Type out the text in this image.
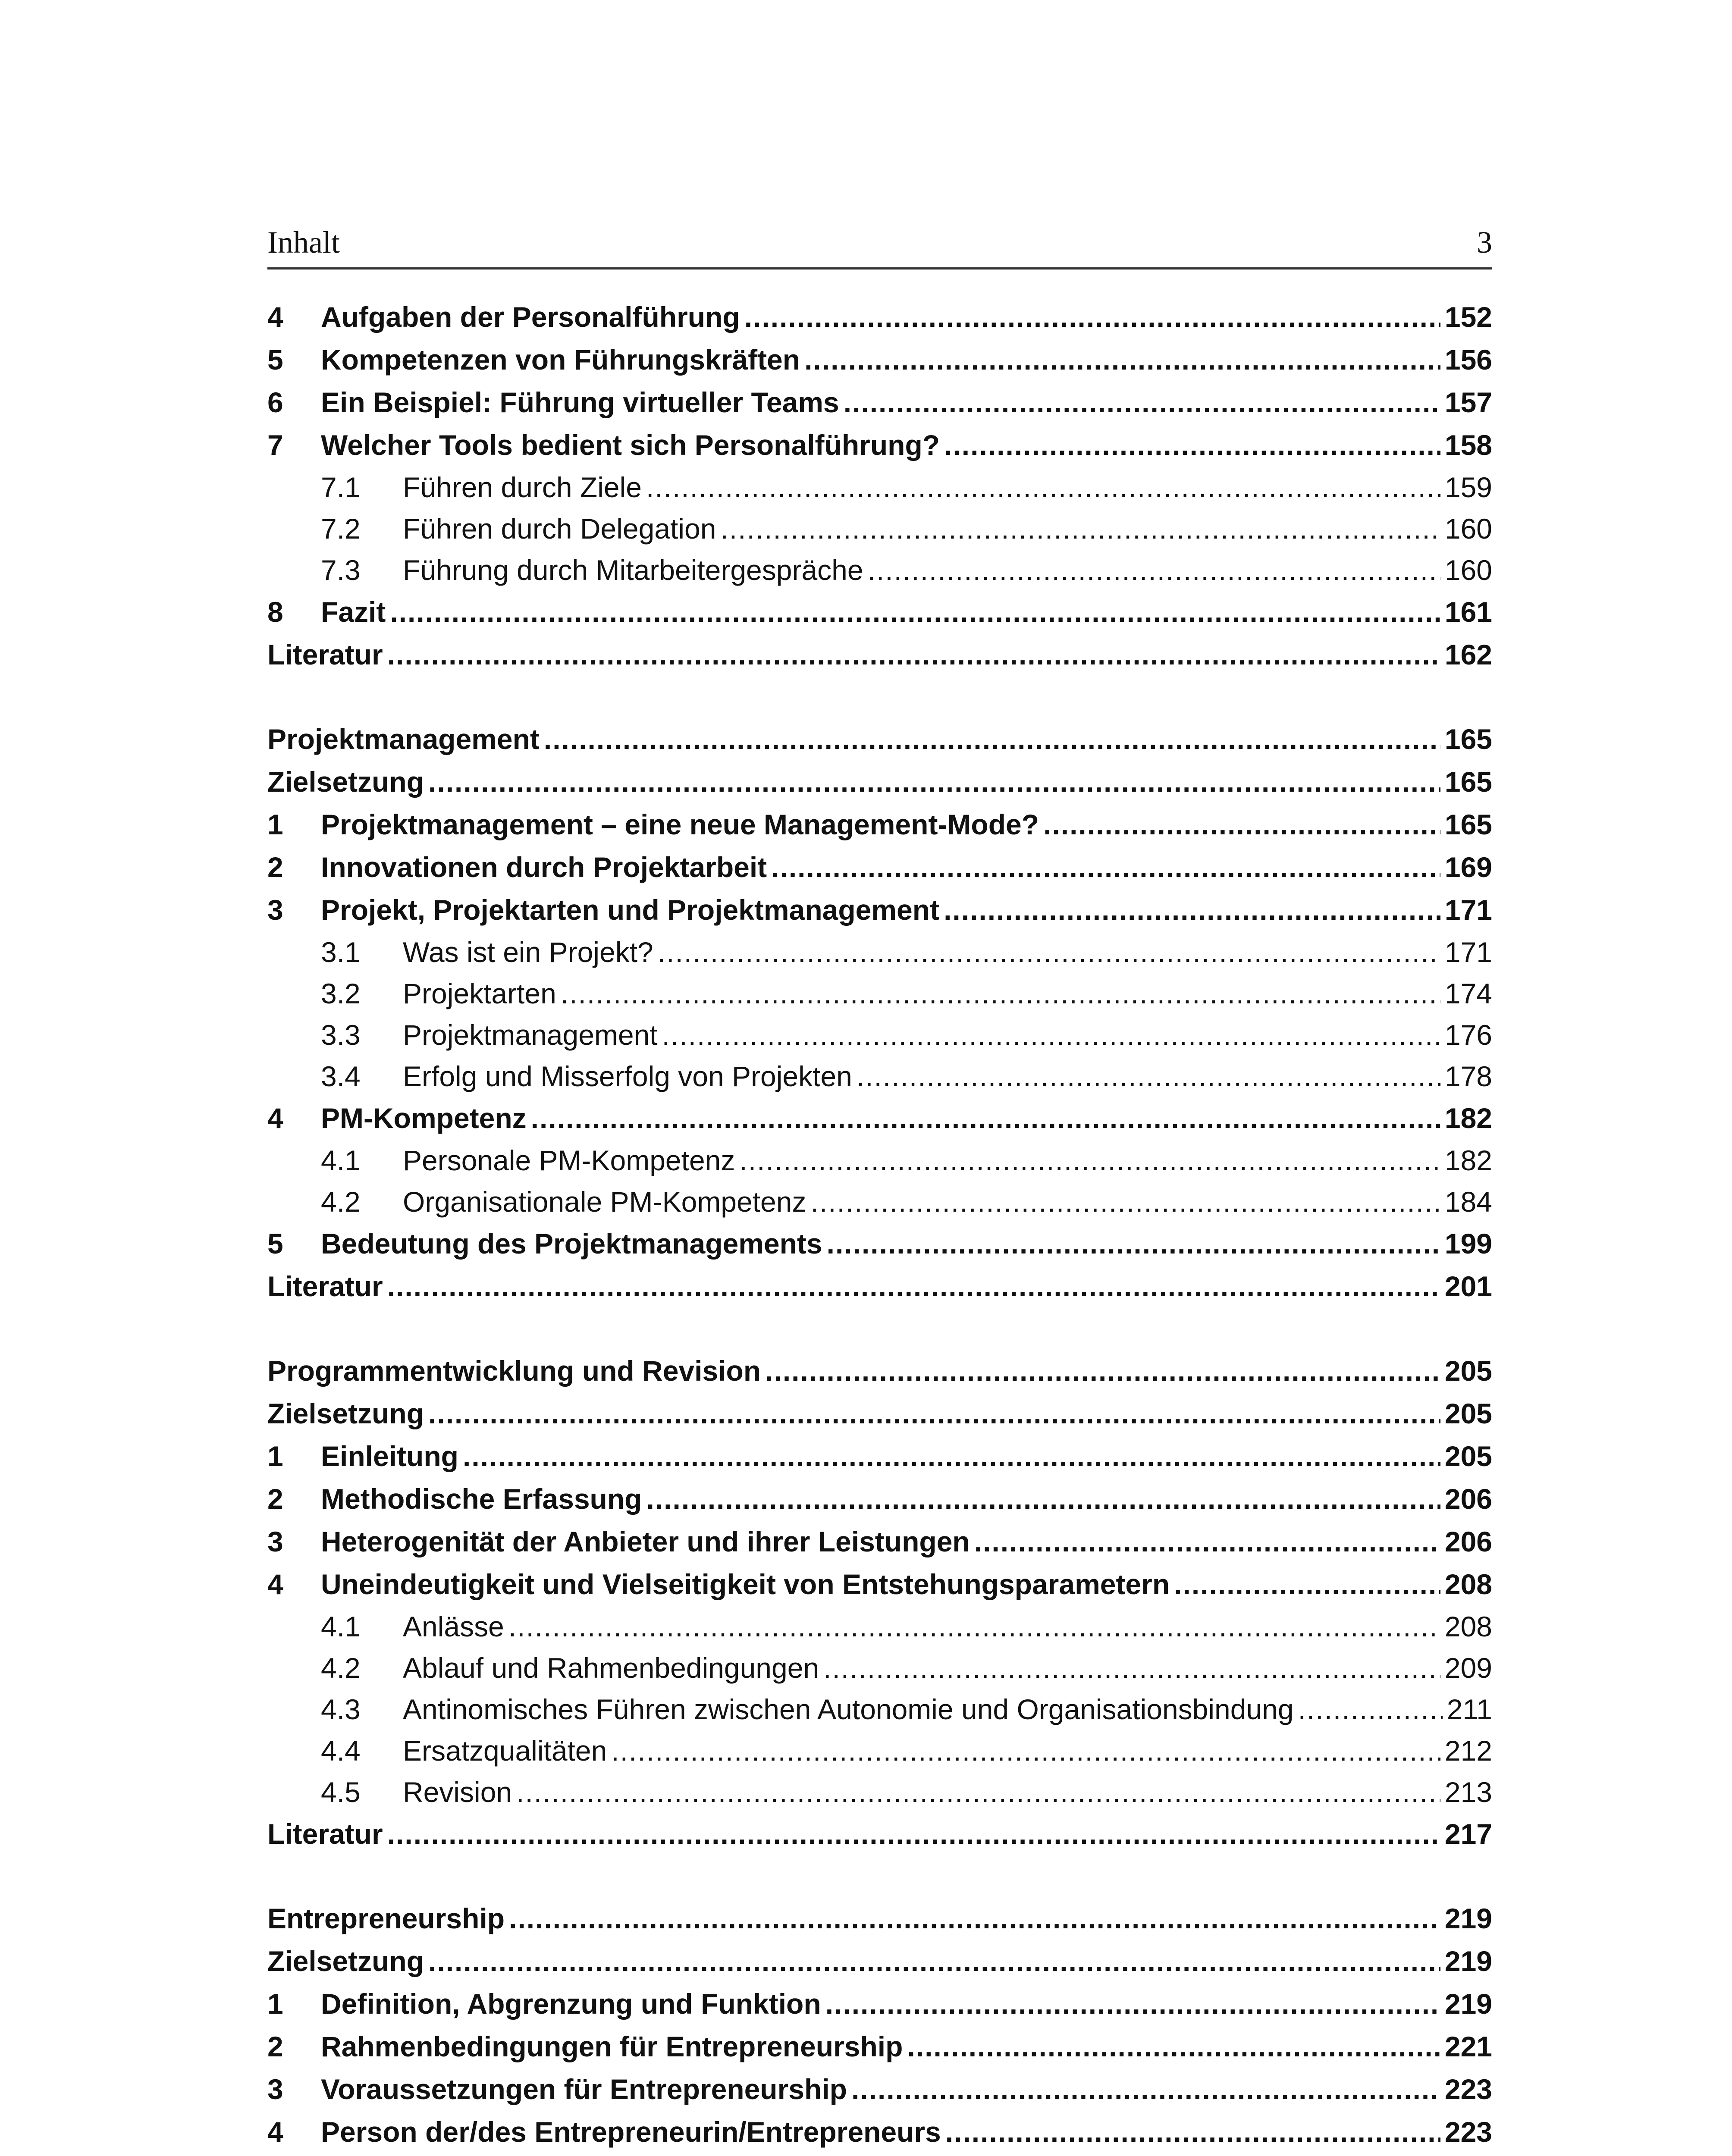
Inhalt	3
4	Aufgaben der Personalführung .....	152
5	Kompetenzen von Führungskräften .....	156
6	Ein Beispiel: Führung virtueller Teams .....	157
7	Welcher Tools bedient sich Personalführung? .....	158
7.1	Führen durch Ziele .....	159
7.2	Führen durch Delegation .....	160
7.3	Führung durch Mitarbeitergespräche .....	160
8	Fazit .....	161
Literatur .....	162
Projektmanagement .....	165
Zielsetzung .....	165
1	Projektmanagement – eine neue Management-Mode? .....	165
2	Innovationen durch Projektarbeit .....	169
3	Projekt, Projektarten und Projektmanagement .....	171
3.1	Was ist ein Projekt? .....	171
3.2	Projektarten .....	174
3.3	Projektmanagement .....	176
3.4	Erfolg und Misserfolg von Projekten .....	178
4	PM-Kompetenz .....	182
4.1	Personale PM-Kompetenz .....	182
4.2	Organisationale PM-Kompetenz .....	184
5	Bedeutung des Projektmanagements .....	199
Literatur .....	201
Programmentwicklung und Revision .....	205
Zielsetzung .....	205
1	Einleitung .....	205
2	Methodische Erfassung .....	206
3	Heterogenität der Anbieter und ihrer Leistungen .....	206
4	Uneindeutigkeit und Vielseitigkeit von Entstehungsparametern .....	208
4.1	Anlässe .....	208
4.2	Ablauf und Rahmenbedingungen .....	209
4.3	Antinomisches Führen zwischen Autonomie und Organisationsbindung .....	211
4.4	Ersatzqualitäten .....	212
4.5	Revision .....	213
Literatur .....	217
Entrepreneurship .....	219
Zielsetzung .....	219
1	Definition, Abgrenzung und Funktion .....	219
2	Rahmenbedingungen für Entrepreneurship .....	221
3	Voraussetzungen für Entrepreneurship .....	223
4	Person der/des Entrepreneurin/Entrepreneurs .....	223
.....
